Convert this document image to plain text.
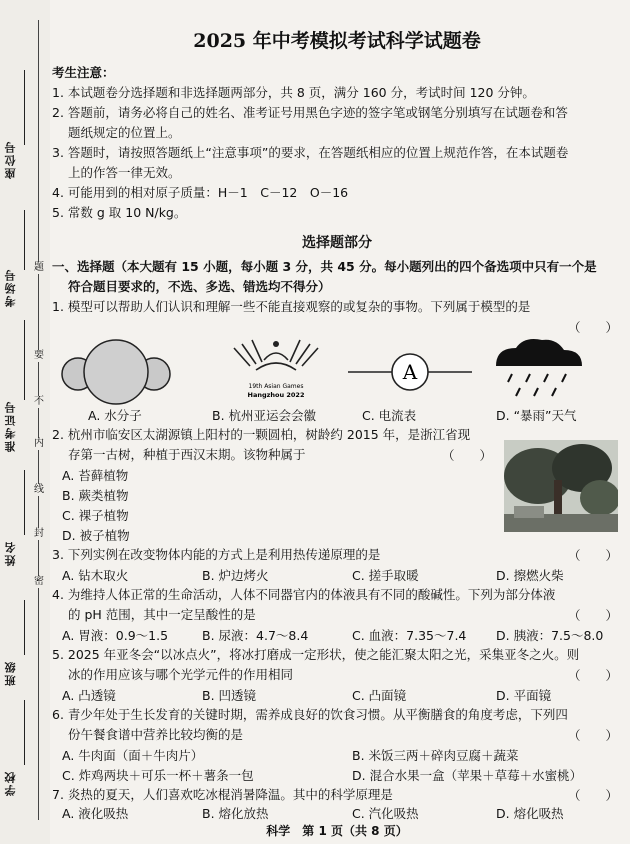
座位号
考场号
准考证号
姓名
班级
学校
题
要
不
内
线
封
密
2025 年中考模拟考试科学试题卷
考生注意：
1. 本试题卷分选择题和非选择题两部分，共 8 页，满分 160 分，考试时间 120 分钟。
2. 答题前，请务必将自己的姓名、准考证号用黑色字迹的签字笔或钢笔分别填写在试题卷和答
题纸规定的位置上。
3. 答题时，请按照答题纸上“注意事项”的要求，在答题纸相应的位置上规范作答，在本试题卷
上的作答一律无效。
4. 可能用到的相对原子质量：H－1　C－12　O－16
5. 常数 g 取 10 N/kg。
选择题部分
一、选择题（本大题有 15 小题，每小题 3 分，共 45 分。每小题列出的四个备选项中只有一个是
符合题目要求的，不选、多选、错选均不得分）
1. 模型可以帮助人们认识和理解一些不能直接观察的或复杂的事物。下列属于模型的是
（　　）
19th Asian Games
Hangzhou 2022
A
A. 水分子	B. 杭州亚运会会徽	C. 电流表	D. “暴雨”天气
2. 杭州市临安区太湖源镇上阳村的一颗圆柏，树龄约 2015 年，是浙江省现
存第一古树，种植于西汉末期。该物种属于	（　　）
A. 苔藓植物
B. 蕨类植物
C. 裸子植物
D. 被子植物
3. 下列实例在改变物体内能的方式上是利用热传递原理的是	（　　）
A. 钻木取火	B. 炉边烤火	C. 搓手取暖	D. 擦燃火柴
4. 为维持人体正常的生命活动，人体不同器官内的体液具有不同的酸碱性。下列为部分体液
的 pH 范围，其中一定呈酸性的是	（　　）
A. 胃液：0.9～1.5	B. 尿液：4.7～8.4	C. 血液：7.35～7.4 D. 胰液：7.5～8.0
5. 2025 年亚冬会“以冰点火”，将冰打磨成一定形状，使之能汇聚太阳之光，采集亚冬之火。则
冰的作用应该与哪个光学元件的作用相同	（　　）
A. 凸透镜	B. 凹透镜	C. 凸面镜	D. 平面镜
6. 青少年处于生长发育的关键时期，需养成良好的饮食习惯。从平衡膳食的角度考虑，下列四
份午餐食谱中营养比较均衡的是	（　　）
A. 牛肉面（面＋牛肉片）	B. 米饭三两＋碎肉豆腐＋蔬菜
C. 炸鸡两块＋可乐一杯＋薯条一包	D. 混合水果一盒（苹果＋草莓＋水蜜桃）
7. 炎热的夏天，人们喜欢吃冰棍消暑降温。其中的科学原理是	（　　）
A. 液化吸热	B. 熔化放热	C. 汽化吸热	D. 熔化吸热
科学　第 1 页（共 8 页）
